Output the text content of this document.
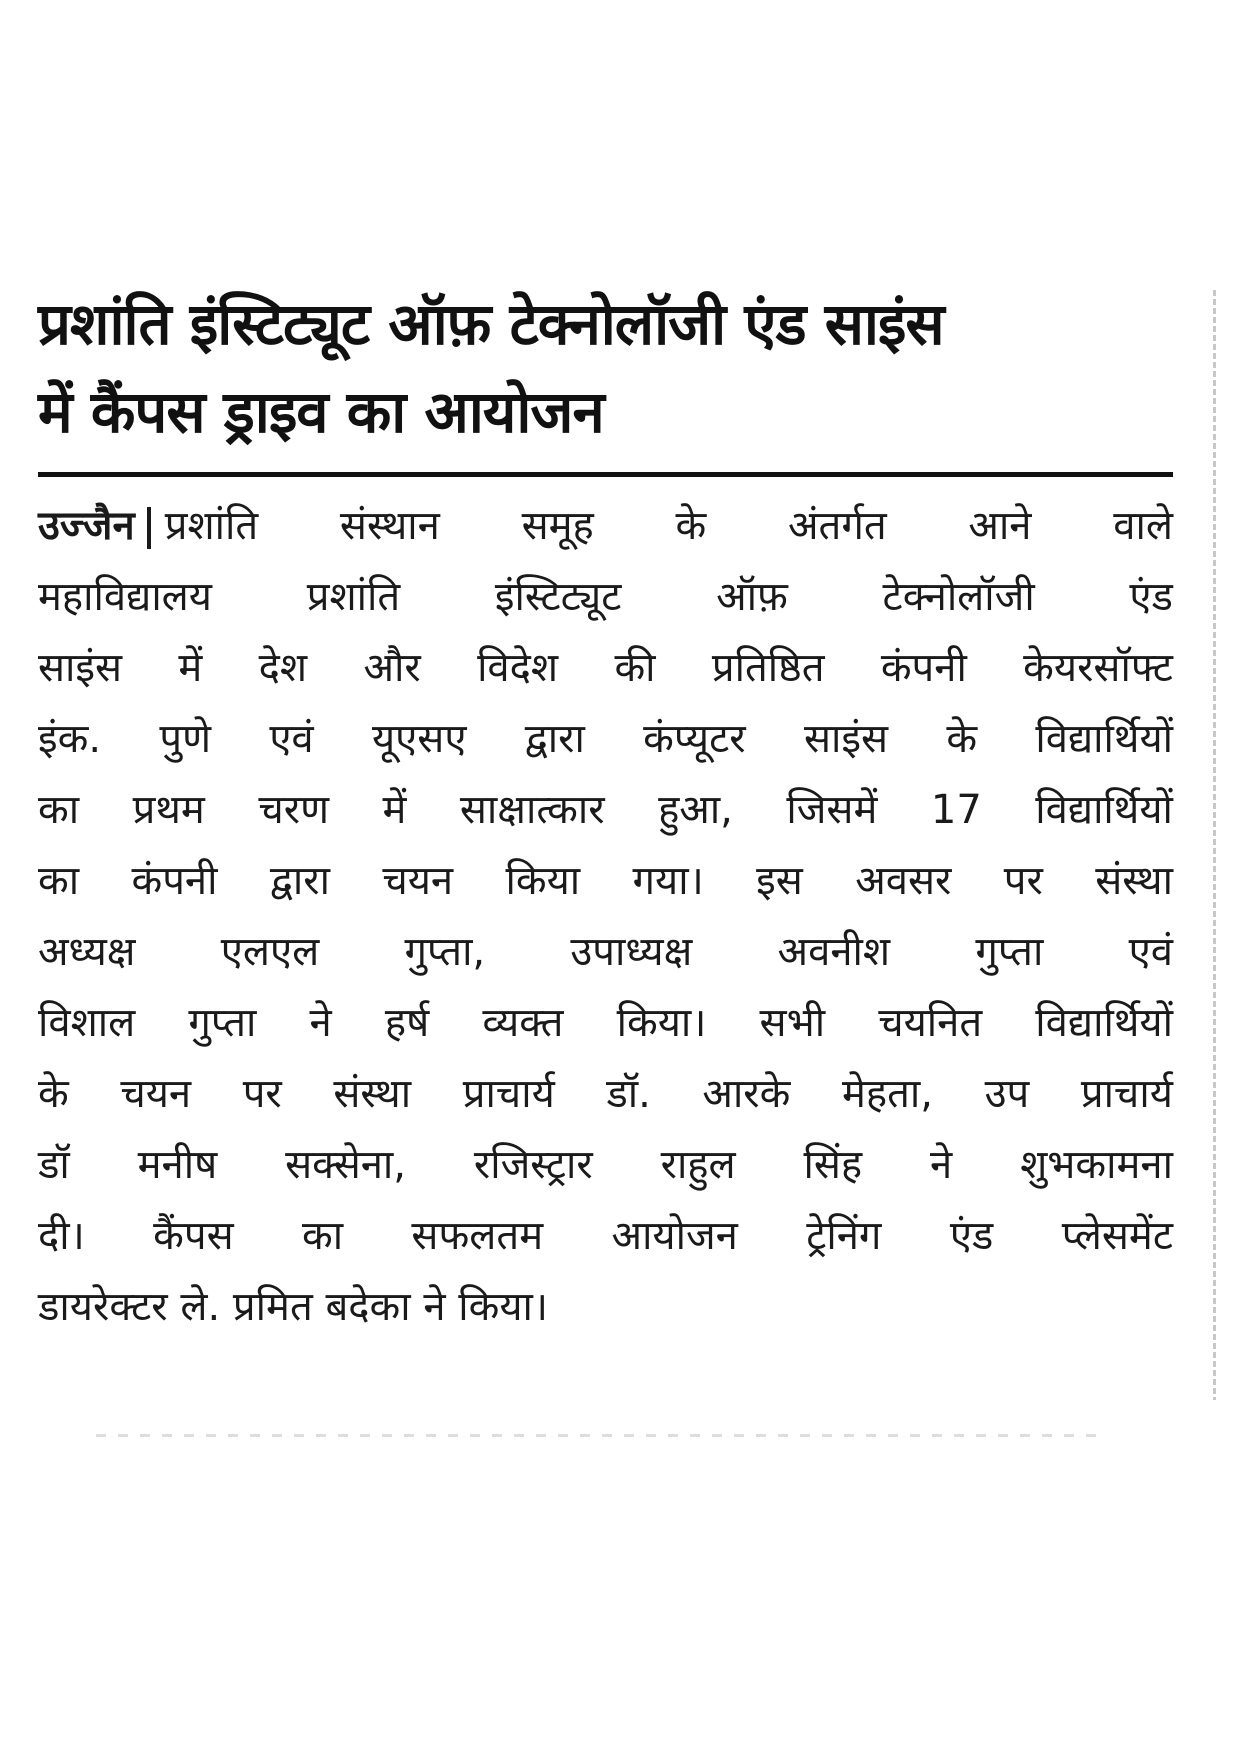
प्रशांति इंस्टिट्यूट ऑफ़ टेक्नोलॉजी एंड साइंस
में कैंपस ड्राइव का आयोजन
उज्जैन प्रशांति संस्थान समूह के अंतर्गत आने वाले
महाविद्यालय प्रशांति इंस्टिट्यूट ऑफ़ टेक्नोलॉजी एंड
साइंस में देश और विदेश की प्रतिष्ठित कंपनी केयरसॉफ्ट
इंक. पुणे एवं यूएसए द्वारा कंप्यूटर साइंस के विद्यार्थियों
का प्रथम चरण में साक्षात्कार हुआ, जिसमें 17 विद्यार्थियों
का कंपनी द्वारा चयन किया गया। इस अवसर पर संस्था
अध्यक्ष एलएल गुप्ता, उपाध्यक्ष अवनीश गुप्ता एवं
विशाल गुप्ता ने हर्ष व्यक्त किया। सभी चयनित विद्यार्थियों
के चयन पर संस्था प्राचार्य डॉ. आरके मेहता, उप प्राचार्य
डॉ मनीष सक्सेना, रजिस्ट्रार राहुल सिंह ने शुभकामना
दी। कैंपस का सफलतम आयोजन ट्रेनिंग एंड प्लेसमेंट
डायरेक्टर ले. प्रमित बदेका ने किया।
